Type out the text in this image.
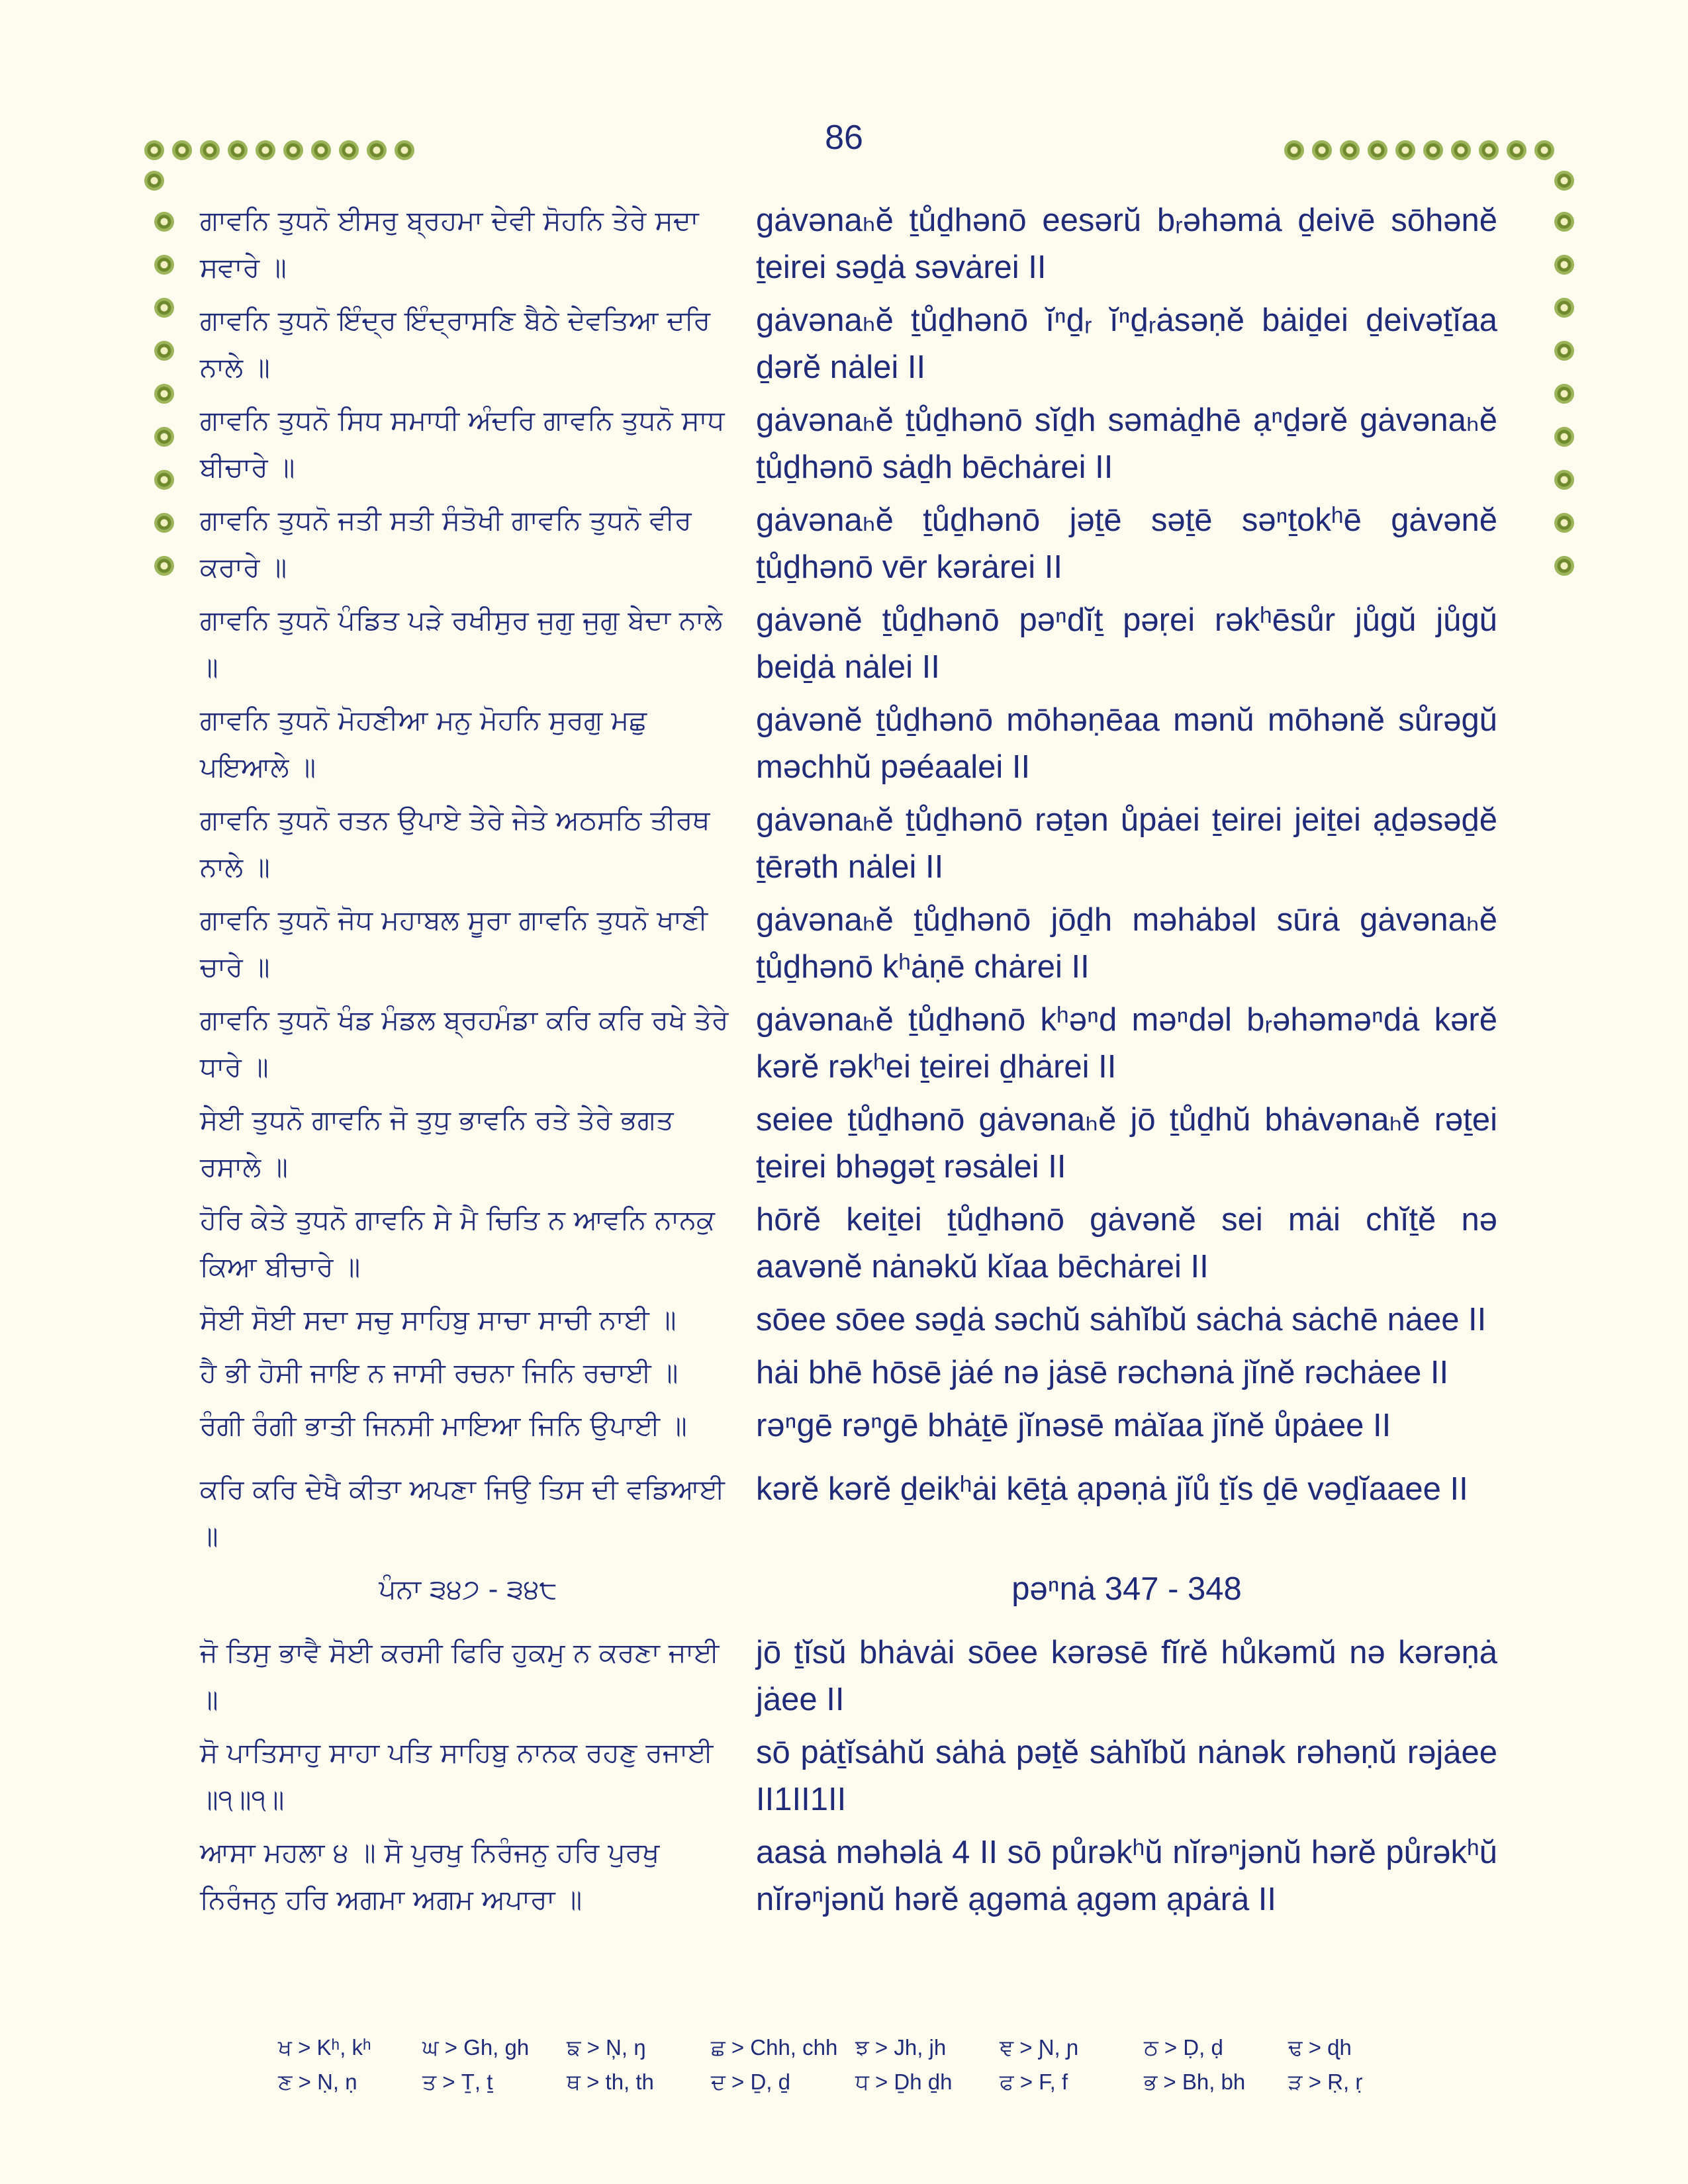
86
ਗਾਵਨਿ ਤੁਧਨੋ ਈਸਰੁ ਬ੍ਰਹਮਾ ਦੇਵੀ ਸੋਹਨਿ ਤੇਰੇ ਸਦਾ ਸਵਾਰੇ ॥
gȧvənaₕĕ ṯůḏhənō eesərŭ bᵣəhəmȧ ḏeivē sōhənĕ ṯeirei səḏȧ səvȧrei II
ਗਾਵਨਿ ਤੁਧਨੋ ਇੰਦ੍ਰ ਇੰਦ੍ਰਾਸਣਿ ਬੈਠੇ ਦੇਵਤਿਆ ਦਰਿ ਨਾਲੇ ॥
gȧvənaₕĕ ṯůḏhənō ĭⁿḏᵣ ĭⁿḏᵣȧsəṇĕ bȧiḏei ḏeivəṯĭaa ḏərĕ nȧlei II
ਗਾਵਨਿ ਤੁਧਨੋ ਸਿਧ ਸਮਾਧੀ ਅੰਦਰਿ ਗਾਵਨਿ ਤੁਧਨੋ ਸਾਧ ਬੀਚਾਰੇ ॥
gȧvənaₕĕ ṯůḏhənō sĭḏh səmȧḏhē ạⁿḏərĕ gȧvənaₕĕ ṯůḏhənō sȧḏh bēchȧrei II
ਗਾਵਨਿ ਤੁਧਨੋ ਜਤੀ ਸਤੀ ਸੰਤੋਖੀ ਗਾਵਨਿ ਤੁਧਨੋ ਵੀਰ ਕਰਾਰੇ ॥
gȧvənaₕĕ ṯůḏhənō jəṯē səṯē səⁿṯokʰē gȧvənĕ ṯůḏhənō vēr kərȧrei II
ਗਾਵਨਿ ਤੁਧਨੋ ਪੰਡਿਤ ਪੜੇ ਰਖੀਸੁਰ ਜੁਗੁ ਜੁਗੁ ਬੇਦਾ ਨਾਲੇ ॥
gȧvənĕ ṯůḏhənō pəⁿdĭṯ pəṛei rəkʰēsůr jůgŭ jůgŭ beiḏȧ nȧlei II
ਗਾਵਨਿ ਤੁਧਨੋ ਮੋਹਣੀਆ ਮਨੁ ਮੋਹਨਿ ਸੁਰਗੁ ਮਛੁ ਪਇਆਲੇ ॥
gȧvənĕ ṯůḏhənō mōhəṇēaa mənŭ mōhənĕ sůrəgŭ məchhŭ pəéaalei II
ਗਾਵਨਿ ਤੁਧਨੋ ਰਤਨ ਉਪਾਏ ਤੇਰੇ ਜੇਤੇ ਅਠਸਠਿ ਤੀਰਥ ਨਾਲੇ ॥
gȧvənaₕĕ ṯůḏhənō rəṯən ůpȧei ṯeirei jeiṯei ạḏəsəḏĕ ṯērəth nȧlei II
ਗਾਵਨਿ ਤੁਧਨੋ ਜੋਧ ਮਹਾਬਲ ਸੂਰਾ ਗਾਵਨਿ ਤੁਧਨੋ ਖਾਣੀ ਚਾਰੇ ॥
gȧvənaₕĕ ṯůḏhənō jōḏh məhȧbəl sūrȧ gȧvənaₕĕ ṯůḏhənō kʰȧṇē chȧrei II
ਗਾਵਨਿ ਤੁਧਨੋ ਖੰਡ ਮੰਡਲ ਬ੍ਰਹਮੰਡਾ ਕਰਿ ਕਰਿ ਰਖੇ ਤੇਰੇ ਧਾਰੇ ॥
gȧvənaₕĕ ṯůḏhənō kʰəⁿd məⁿdəl bᵣəhəməⁿdȧ kərĕ kərĕ rəkʰei ṯeirei ḏhȧrei II
ਸੇਈ ਤੁਧਨੋ ਗਾਵਨਿ ਜੋ ਤੁਧੁ ਭਾਵਨਿ ਰਤੇ ਤੇਰੇ ਭਗਤ ਰਸਾਲੇ ॥
seiee ṯůḏhənō gȧvənaₕĕ jō ṯůḏhŭ bhȧvənaₕĕ rəṯei ṯeirei bhəgəṯ rəsȧlei II
ਹੋਰਿ ਕੇਤੇ ਤੁਧਨੋ ਗਾਵਨਿ ਸੇ ਮੈ ਚਿਤਿ ਨ ਆਵਨਿ ਨਾਨਕੁ ਕਿਆ ਬੀਚਾਰੇ ॥
hōrĕ keiṯei ṯůḏhənō gȧvənĕ sei mȧi chĭṯĕ nə aavənĕ nȧnəkŭ kĭaa bēchȧrei II
ਸੋਈ ਸੋਈ ਸਦਾ ਸਚੁ ਸਾਹਿਬੁ ਸਾਚਾ ਸਾਚੀ ਨਾਈ ॥	sōee sōee səḏȧ səchŭ sȧhĭbŭ sȧchȧ sȧchē nȧee II
ਹੈ ਭੀ ਹੋਸੀ ਜਾਇ ਨ ਜਾਸੀ ਰਚਨਾ ਜਿਨਿ ਰਚਾਈ ॥	hȧi bhē hōsē jȧé nə jȧsē rəchənȧ jĭnĕ rəchȧee II
ਰੰਗੀ ਰੰਗੀ ਭਾਤੀ ਜਿਨਸੀ ਮਾਇਆ ਜਿਨਿ ਉਪਾਈ ॥	rəⁿgē rəⁿgē bhȧṯē jĭnəsē mȧĭaa jĭnĕ ůpȧee II
ਕਰਿ ਕਰਿ ਦੇਖੈ ਕੀਤਾ ਅਪਣਾ ਜਿਉ ਤਿਸ ਦੀ ਵਡਿਆਈ ॥
kərĕ kərĕ ḏeikʰȧi kēṯȧ ạpəṇȧ jĭů ṯĭs ḏē vəḏĭaaee II
ਪੰਨਾ ੩੪੭ - ੩੪੮	pəⁿnȧ 347 - 348
ਜੋ ਤਿਸੁ ਭਾਵੈ ਸੋਈ ਕਰਸੀ ਫਿਰਿ ਹੁਕਮੁ ਨ ਕਰਣਾ ਜਾਈ ॥
jō ṯĭsŭ bhȧvȧi sōee kərəsē fĭrĕ hůkəmŭ nə kərəṇȧ jȧee II
ਸੋ ਪਾਤਿਸਾਹੁ ਸਾਹਾ ਪਤਿ ਸਾਹਿਬੁ ਨਾਨਕ ਰਹਣੁ ਰਜਾਈ ॥੧॥੧॥
sō pȧṯĭsȧhŭ sȧhȧ pəṯĕ sȧhĭbŭ nȧnək rəhəṇŭ rəjȧee II1II1II
ਆਸਾ ਮਹਲਾ ੪ ॥ ਸੋ ਪੁਰਖੁ ਨਿਰੰਜਨੁ ਹਰਿ ਪੁਰਖੁ ਨਿਰੰਜਨੁ ਹਰਿ ਅਗਮਾ ਅਗਮ ਅਪਾਰਾ ॥
aasȧ məhəlȧ 4 II sō půrəkʰŭ nĭrəⁿjənŭ hərĕ půrəkʰŭ nĭrəⁿjənŭ hərĕ ạgəmȧ ạgəm ạpȧrȧ II
ਖ > Kʰ, kʰ	ਘ > Gh, gh	ਙ > Ņ, ŋ	ਛ > Chh, chh ਝ > Jh, jh	ਞ > Ɲ, ɲ	ਠ > Ḍ, ḍ	ਢ > ɖh
ਣ > Ṇ, ṇ	ਤ > Ṯ, ṯ	ਥ > th, th	ਦ > Ḏ, ḏ	ਧ > Ḏh ḏh	ਫ > F, f	ਭ > Bh, bh	ੜ > Ṛ, ṛ
